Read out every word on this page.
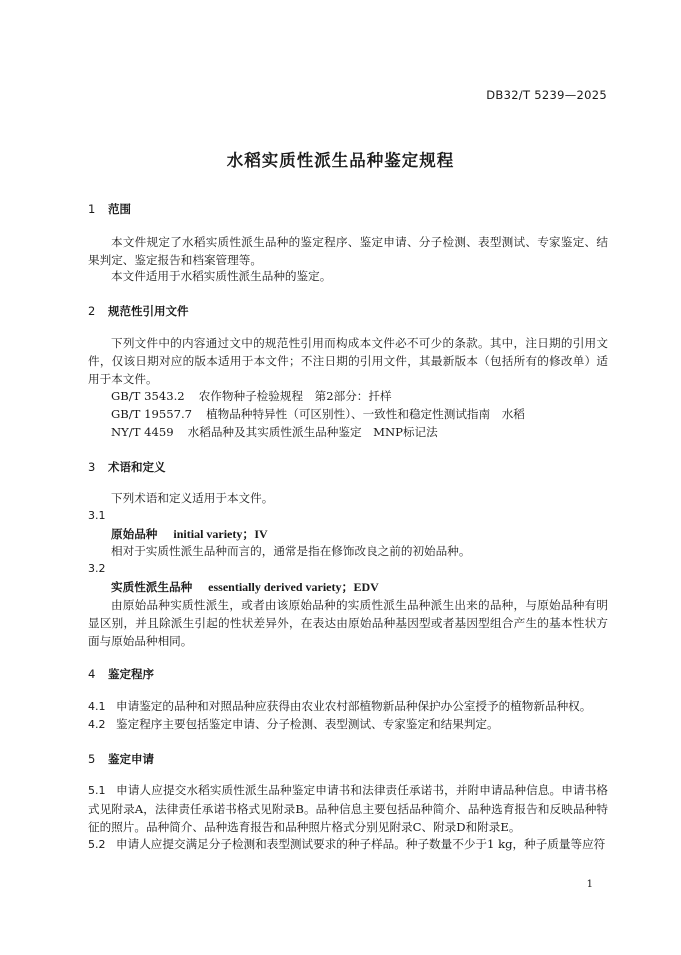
DB32/T 5239—2025
水稻实质性派生品种鉴定规程
1 范围
本文件规定了水稻实质性派生品种的鉴定程序、鉴定申请、分子检测、表型测试、专家鉴定、结果判定、鉴定报告和档案管理等。
本文件适用于水稻实质性派生品种的鉴定。
2 规范性引用文件
下列文件中的内容通过文中的规范性引用而构成本文件必不可少的条款。其中，注日期的引用文件，仅该日期对应的版本适用于本文件；不注日期的引用文件，其最新版本（包括所有的修改单）适用于本文件。
GB/T 3543.2 农作物种子检验规程　第2部分：扦样
GB/T 19557.7 植物品种特异性（可区别性）、一致性和稳定性测试指南　水稻
NY/T 4459 水稻品种及其实质性派生品种鉴定　MNP标记法
3 术语和定义
下列术语和定义适用于本文件。
3.1
原始品种 initial variety；IV
相对于实质性派生品种而言的，通常是指在修饰改良之前的初始品种。
3.2
实质性派生品种 essentially derived variety；EDV
由原始品种实质性派生，或者由该原始品种的实质性派生品种派生出来的品种，与原始品种有明显区别，并且除派生引起的性状差异外，在表达由原始品种基因型或者基因型组合产生的基本性状方面与原始品种相同。
4 鉴定程序
4.1 申请鉴定的品种和对照品种应获得由农业农村部植物新品种保护办公室授予的植物新品种权。
4.2 鉴定程序主要包括鉴定申请、分子检测、表型测试、专家鉴定和结果判定。
5 鉴定申请
5.1 申请人应提交水稻实质性派生品种鉴定申请书和法律责任承诺书，并附申请品种信息。申请书格式见附录A，法律责任承诺书格式见附录B。品种信息主要包括品种简介、品种选育报告和反映品种特征的照片。品种简介、品种选育报告和品种照片格式分别见附录C、附录D和附录E。
5.2 申请人应提交满足分子检测和表型测试要求的种子样品。种子数量不少于1 kg，种子质量等应符
1
